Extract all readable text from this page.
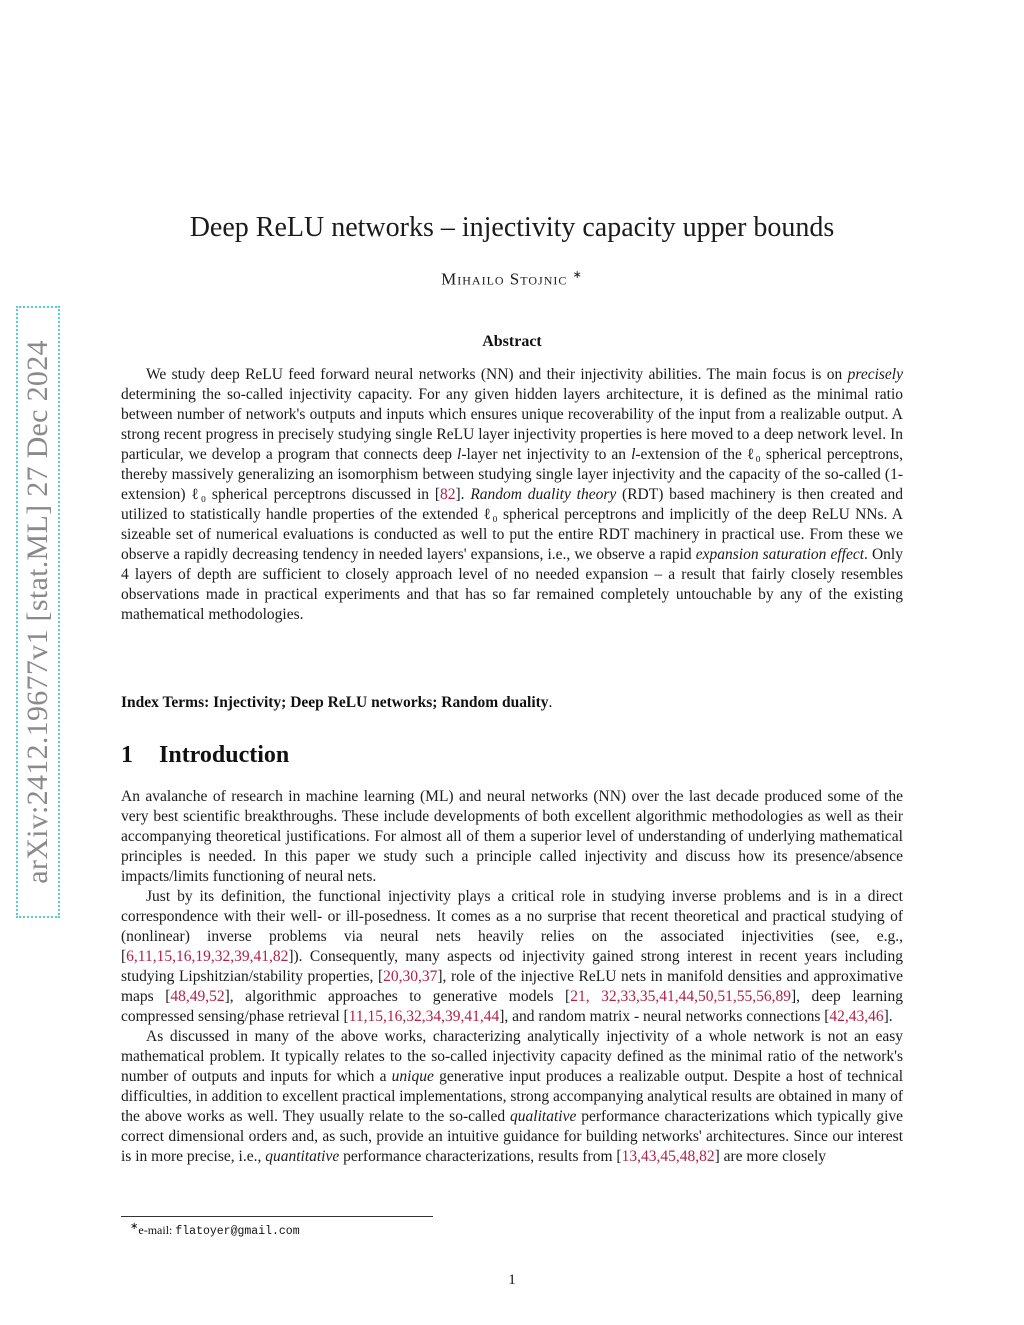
arXiv:2412.19677v1 [stat.ML] 27 Dec 2024
Deep ReLU networks – injectivity capacity upper bounds
Mihailo Stojnic ∗
Abstract

We study deep ReLU feed forward neural networks (NN) and their injectivity abilities. The main focus is on precisely determining the so-called injectivity capacity. For any given hidden layers architecture, it is defined as the minimal ratio between number of network's outputs and inputs which ensures unique recoverability of the input from a realizable output. A strong recent progress in precisely studying single ReLU layer injectivity properties is here moved to a deep network level. In particular, we develop a program that connects deep l-layer net injectivity to an l-extension of the ℓ₀ spherical perceptrons, thereby massively generalizing an isomorphism between studying single layer injectivity and the capacity of the so-called (1-extension) ℓ₀ spherical perceptrons discussed in [82]. Random duality theory (RDT) based machinery is then created and utilized to statistically handle properties of the extended ℓ₀ spherical perceptrons and implicitly of the deep ReLU NNs. A sizeable set of numerical evaluations is conducted as well to put the entire RDT machinery in practical use. From these we observe a rapidly decreasing tendency in needed layers' expansions, i.e., we observe a rapid expansion saturation effect. Only 4 layers of depth are sufficient to closely approach level of no needed expansion – a result that fairly closely resembles observations made in practical experiments and that has so far remained completely untouchable by any of the existing mathematical methodologies.

Index Terms: Injectivity; Deep ReLU networks; Random duality.
1 Introduction

An avalanche of research in machine learning (ML) and neural networks (NN) over the last decade produced some of the very best scientific breakthroughs. These include developments of both excellent algorithmic methodologies as well as their accompanying theoretical justifications. For almost all of them a superior level of understanding of underlying mathematical principles is needed. In this paper we study such a principle called injectivity and discuss how its presence/absence impacts/limits functioning of neural nets.

Just by its definition, the functional injectivity plays a critical role in studying inverse problems and is in a direct correspondence with their well- or ill-posedness. It comes as a no surprise that recent theoretical and practical studying of (nonlinear) inverse problems via neural nets heavily relies on the associated injectivities (see, e.g., [6,11,15,16,19,32,39,41,82]). Consequently, many aspects od injectivity gained strong interest in recent years including studying Lipshitzian/stability properties, [20,30,37], role of the injective ReLU nets in manifold densities and approximative maps [48,49,52], algorithmic approaches to generative models [21, 32,33,35,41,44,50,51,55,56,89], deep learning compressed sensing/phase retrieval [11,15,16,32,34,39,41,44], and random matrix - neural networks connections [42,43,46].

As discussed in many of the above works, characterizing analytically injectivity of a whole network is not an easy mathematical problem. It typically relates to the so-called injectivity capacity defined as the minimal ratio of the network's number of outputs and inputs for which a unique generative input produces a realizable output. Despite a host of technical difficulties, in addition to excellent practical implementations, strong accompanying analytical results are obtained in many of the above works as well. They usually relate to the so-called qualitative performance characterizations which typically give correct dimensional orders and, as such, provide an intuitive guidance for building networks' architectures. Since our interest is in more precise, i.e., quantitative performance characterizations, results from [13,43,45,48,82] are more closely

∗e-mail: flatoyer@gmail.com
1
